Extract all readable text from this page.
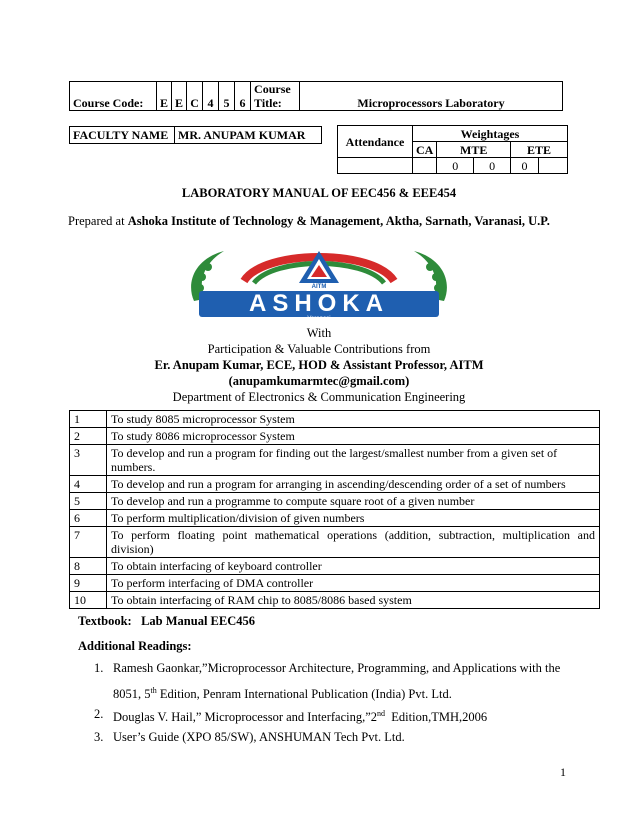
Course Code:	E	E	C	4	5	6	Course Title:	Microprocessors Laboratory
FACULTY NAME	MR. ANUPAM KUMAR	Attendance	Weightages				
	CA	MTE		ETE	
		0	0	0	
LABORATORY MANUAL OF EEC456 & EEE454
Prepared at Ashoka Institute of Technology & Management, Aktha, Sarnath, Varanasi, U.P.
AITM
ASHOKA
Varanasi
With
Participation & Valuable Contributions from
Er. Anupam Kumar, ECE, HOD & Assistant Professor, AITM
(anupamkumarmtec@gmail.com)
Department of Electronics & Communication Engineering
1	To study 8085 microprocessor System
2	To study 8086 microprocessor System
3	To develop and run a program for finding out the largest/smallest number from a given set of numbers.
4	To develop and run a program for arranging in ascending/descending order of a set of numbers
5	To develop and run a programme to compute square root of a given number
6	To perform multiplication/division of given numbers
7	To perform floating point mathematical operations (addition, subtraction, multiplication and division)
8	To obtain interfacing of keyboard controller
9	To perform interfacing of DMA controller
10	To obtain interfacing of RAM chip to 8085/8086 based system
Textbook:   Lab Manual EEC456
Additional Readings:
1. Ramesh Gaonkar,”Microprocessor Architecture, Programming, and Applications with the
8051, 5th Edition, Penram International Publication (India) Pvt. Ltd.
2. Douglas V. Hail,” Microprocessor and Interfacing,”2nd  Edition,TMH,2006
3. User’s Guide (XPO 85/SW), ANSHUMAN Tech Pvt. Ltd.
1
